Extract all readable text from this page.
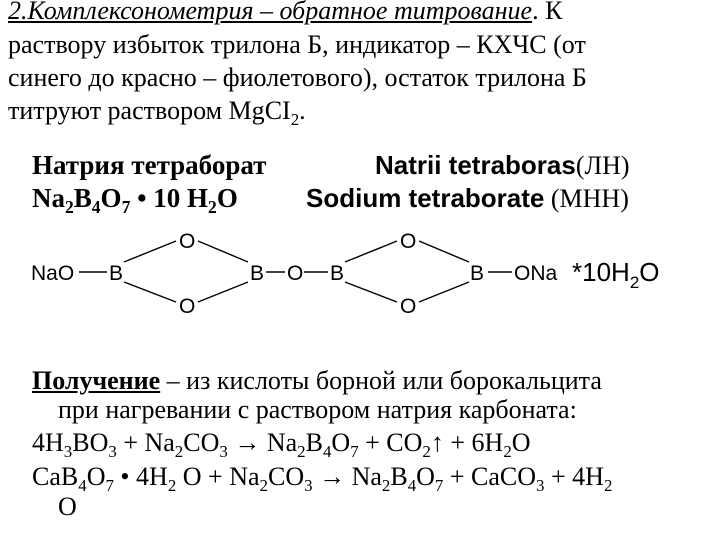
2.Комплексонометрия – обратное титрование. К
раствору избыток трилона Б, индикатор – КХЧС (от
синего до красно – фиолетового), остаток трилона Б
титруют раствором MgCI$_2$.
Натрия тетраборат	Natrii tetraboras(ЛН)
$Na_2B_4O_7$ • 10 $H_2O$	Sodium tetraborate (МНН)
NaO B
O
O
B O B
O
O
B ONa $*10H_2O$
Получение – из кислоты борной или борокальцита
при нагревании с раствором натрия карбоната:
$4H_3BO_3 + Na_2CO_3 \to Na_2B_4O_7$ + $CO_2↑ + 6H_2O$
$CaB_4O_7$ • $4H_2$ $O + Na_2CO_3 \to Na_2B_4O_7$ + CaCO$_3$ + $4H_2$
O
